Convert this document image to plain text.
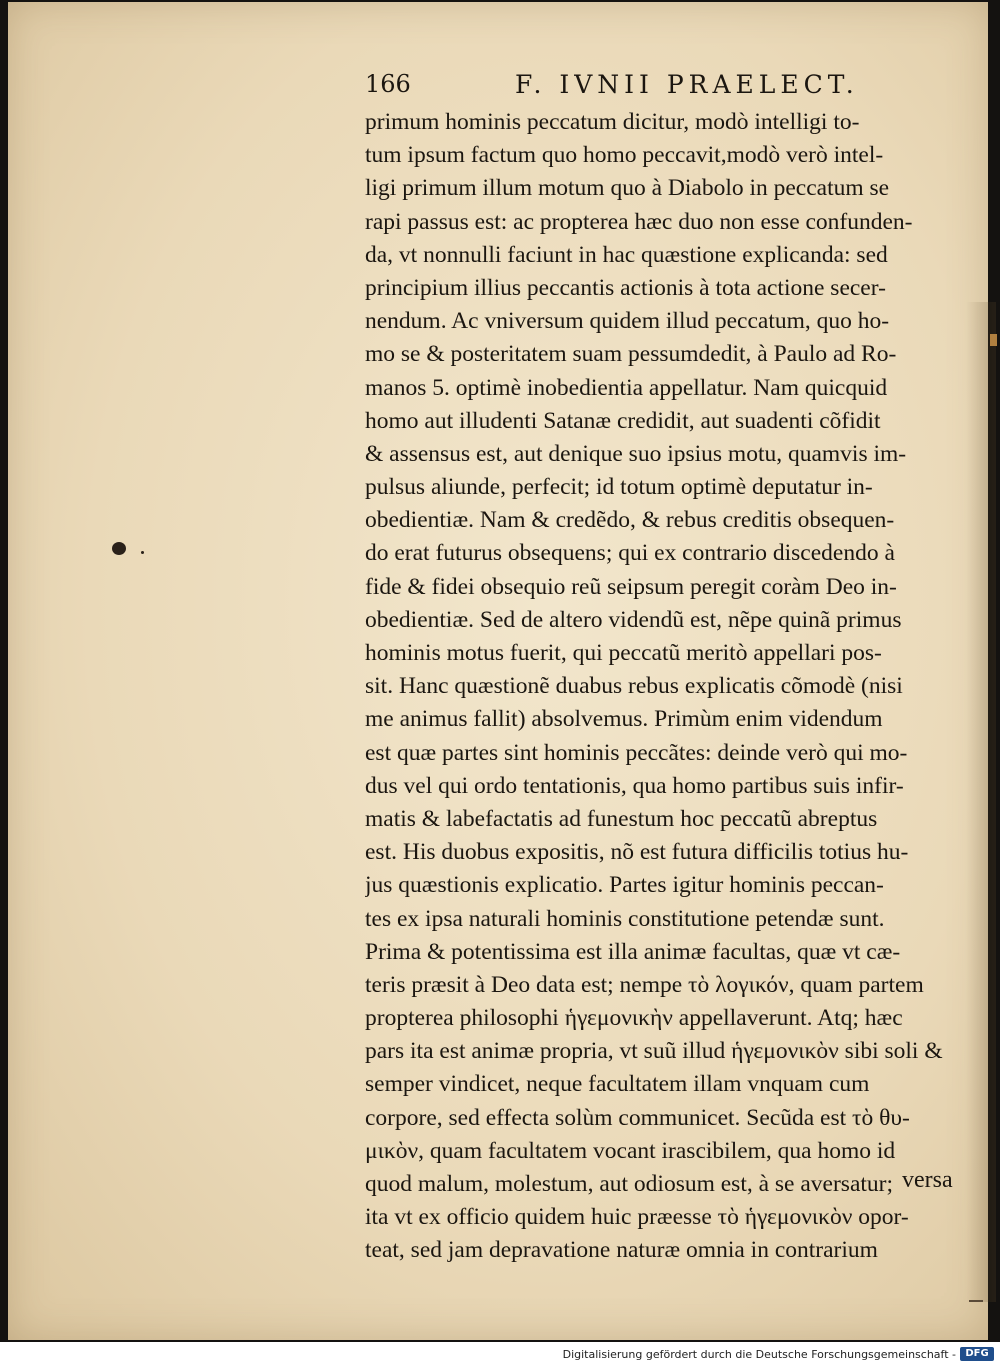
166	F. IVNII PRAELECT.
primum hominis peccatum dicitur, modò intelligi to-
tum ipsum factum quo homo peccavit,modò verò intel-
ligi primum illum motum quo à Diabolo in peccatum se
rapi passus est: ac propterea hæc duo non esse confunden-
da, vt nonnulli faciunt in hac quæstione explicanda: sed
principium illius peccantis actionis à tota actione secer-
nendum. Ac vniversum quidem illud peccatum, quo ho-
mo se & posteritatem suam pessumdedit, à Paulo ad Ro-
manos 5. optimè inobedientia appellatur. Nam quicquid
homo aut illudenti Satanæ credidit, aut suadenti cõfidit
& assensus est, aut denique suo ipsius motu, quamvis im-
pulsus aliunde, perfecit; id totum optimè deputatur in-
obedientiæ. Nam & credẽdo, & rebus creditis obsequen-
do erat futurus obsequens; qui ex contrario discedendo à
fide & fidei obsequio reũ seipsum peregit coràm Deo in-
obedientiæ. Sed de altero videndũ est, nẽpe quinã primus
hominis motus fuerit, qui peccatũ meritò appellari pos-
sit. Hanc quæstionẽ duabus rebus explicatis cõmodè (nisi
me animus fallit) absolvemus. Primùm enim videndum
est quæ partes sint hominis peccãtes: deinde verò qui mo-
dus vel qui ordo tentationis, qua homo partibus suis infir-
matis & labefactatis ad funestum hoc peccatũ abreptus
est. His duobus expositis, nõ est futura difficilis totius hu-
jus quæstionis explicatio. Partes igitur hominis peccan-
tes ex ipsa naturali hominis constitutione petendæ sunt.
Prima & potentissima est illa animæ facultas, quæ vt cæ-
teris præsit à Deo data est; nempe τὸ λογικόν, quam partem
propterea philosophi ἡγεμονικὴν appellaverunt. Atq; hæc
pars ita est animæ propria, vt suũ illud ἡγεμονικὸν sibi soli &
semper vindicet, neque facultatem illam vnquam cum
corpore, sed effecta solùm communicet. Secũda est τὸ θυ-
μικὸν, quam facultatem vocant irascibilem, qua homo id
quod malum, molestum, aut odiosum est, à se aversatur;
ita vt ex officio quidem huic præesse τὸ ἡγεμονικὸν opor-
teat, sed jam depravatione naturæ omnia in contrarium
versa
Digitalisierung gefördert durch die Deutsche Forschungsgemeinschaft - DFG
